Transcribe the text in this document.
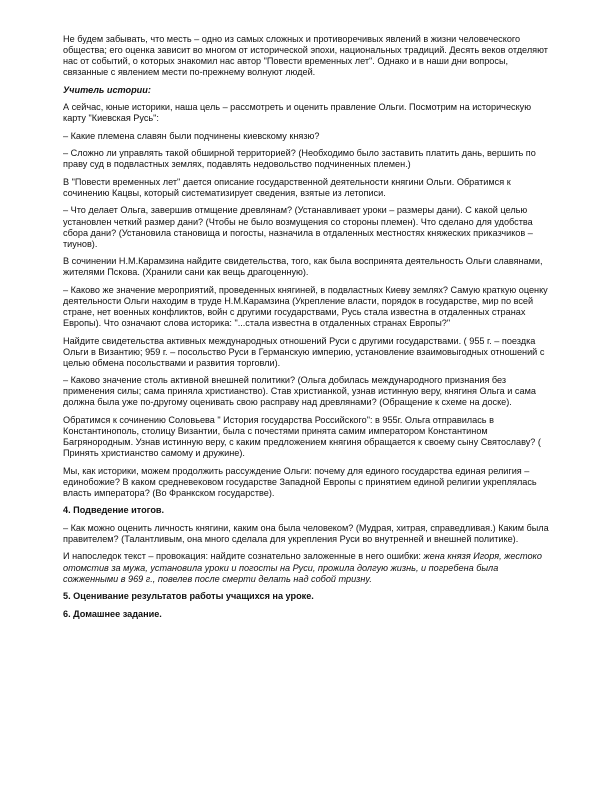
Не будем забывать, что месть – одно из самых сложных и противоречивых явлений в жизни человеческого общества; его оценка зависит во многом от исторической эпохи, национальных традиций. Десять веков отделяют нас от событий, о которых знакомил нас автор "Повести временных лет". Однако и в наши дни вопросы, связанные с явлением мести по-прежнему волнуют людей.

Учитель истории:

А сейчас, юные историки, наша цель – рассмотреть и оценить правление Ольги. Посмотрим на историческую карту "Киевская Русь":

– Какие племена славян были подчинены киевскому князю?

– Сложно ли управлять такой обширной территорией? (Необходимо было заставить платить дань, вершить по праву суд в подвластных землях, подавлять недовольство подчиненных племен.)

В "Повести временных лет" дается описание государственной деятельности княгини Ольги. Обратимся к сочинению Кацвы, который систематизирует сведения, взятые из летописи.

– Что делает Ольга, завершив отмщение древлянам? (Устанавливает уроки – размеры дани). С какой целью установлен четкий размер дани? (Чтобы не было возмущения со стороны племен). Что сделано для удобства сбора дани? (Установила становища и погосты, назначила в отдаленных местностях княжеских приказчиков – тиунов).

В сочинении Н.М.Карамзина найдите свидетельства, того, как была воспринята деятельность Ольги славянами, жителями Пскова. (Хранили сани как вещь драгоценную).

– Каково же значение мероприятий, проведенных княгиней, в подвластных Киеву землях? Самую краткую оценку деятельности Ольги находим в труде Н.М.Карамзина (Укрепление власти, порядок в государстве, мир по всей стране, нет военных конфликтов, войн с другими государствами, Русь стала известна в отдаленных странах Европы). Что означают слова историка: "...стала известна в отдаленных странах Европы?"

Найдите свидетельства активных международных отношений Руси с другими государствами. ( 955 г. – поездка Ольги в Византию; 959 г. – посольство Руси в Германскую империю, установление взаимовыгодных отношений с целью обмена посольствами и развития торговли).

– Каково значение столь активной внешней политики? (Ольга добилась международного признания без применения силы; сама приняла христианство). Став христианкой, узнав истинную веру, княгиня Ольга и сама должна была уже по-другому оценивать свою расправу над древлянами? (Обращение к схеме на доске).

Обратимся к сочинению Соловьева " История государства Российского": в 955г. Ольга отправилась в Константинополь, столицу Византии, была с почестями принята самим императором Константином Багрянородным. Узнав истинную веру, с каким предложением княгиня обращается к своему сыну Святославу? ( Принять христианство самому и дружине).

Мы, как историки, можем продолжить рассуждение Ольги: почему для единого государства единая религия – единобожие? В каком средневековом государстве Западной Европы с принятием единой религии укреплялась власть императора? (Во Франкском государстве).

4. Подведение итогов.

– Как можно оценить личность княгини, каким она была человеком? (Мудрая, хитрая, справедливая.) Каким была правителем? (Талантливым, она много сделала для укрепления Руси во внутренней и внешней политике).

И напоследок текст – провокация: найдите сознательно заложенные в него ошибки: жена князя Игоря, жестоко отомстив за мужа, установила уроки и погосты на Руси, прожила долгую жизнь, и погребена была сожженными в 969 г., повелев после смерти делать над собой тризну.

5. Оценивание результатов работы учащихся на уроке.

6. Домашнее задание.
